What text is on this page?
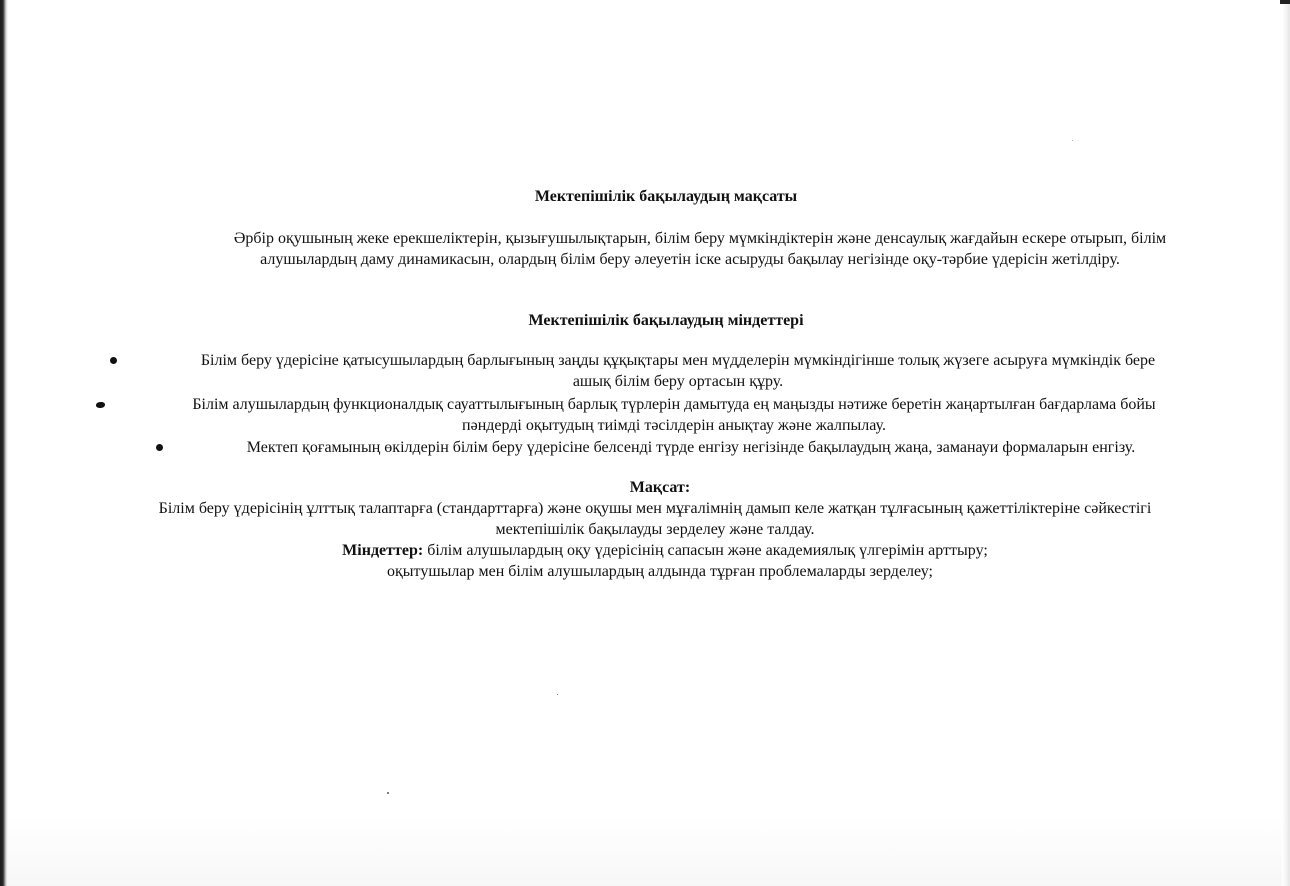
Мектепішілік бақылаудың мақсаты
Әрбір оқушының жеке ерекшеліктерін, қызығушылықтарын, білім беру мүмкіндіктерін және денсаулық жағдайын ескере отырып, білім
алушылардың даму динамикасын, олардың білім беру әлеуетін іске асыруды бақылау негізінде оқу-тәрбие үдерісін жетілдіру.
Мектепішілік бақылаудың міндеттері
Білім беру үдерісіне қатысушылардың барлығының заңды құқықтары мен мүдделерін мүмкіндігінше толық жүзеге асыруға мүмкіндік бере
ашық білім беру ортасын құру.
Білім алушылардың функционалдық сауаттылығының барлық түрлерін дамытуда ең маңызды нәтиже беретін жаңартылған бағдарлама бойы
пәндерді оқытудың тиімді тәсілдерін анықтау және жалпылау.
Мектеп қоғамының өкілдерін білім беру үдерісіне белсенді түрде енгізу негізінде бақылаудың жаңа, заманауи формаларын енгізу.
Мақсат:
Білім беру үдерісінің ұлттық талаптарға (стандарттарға) және оқушы мен мұғалімнің дамып келе жатқан тұлғасының қажеттіліктеріне сәйкестігі
мектепішілік бақылауды зерделеу және талдау.
Міндеттер: білім алушылардың оқу үдерісінің сапасын және академиялық үлгерімін арттыру;
оқытушылар мен білім алушылардың алдында тұрған проблемаларды зерделеу;
